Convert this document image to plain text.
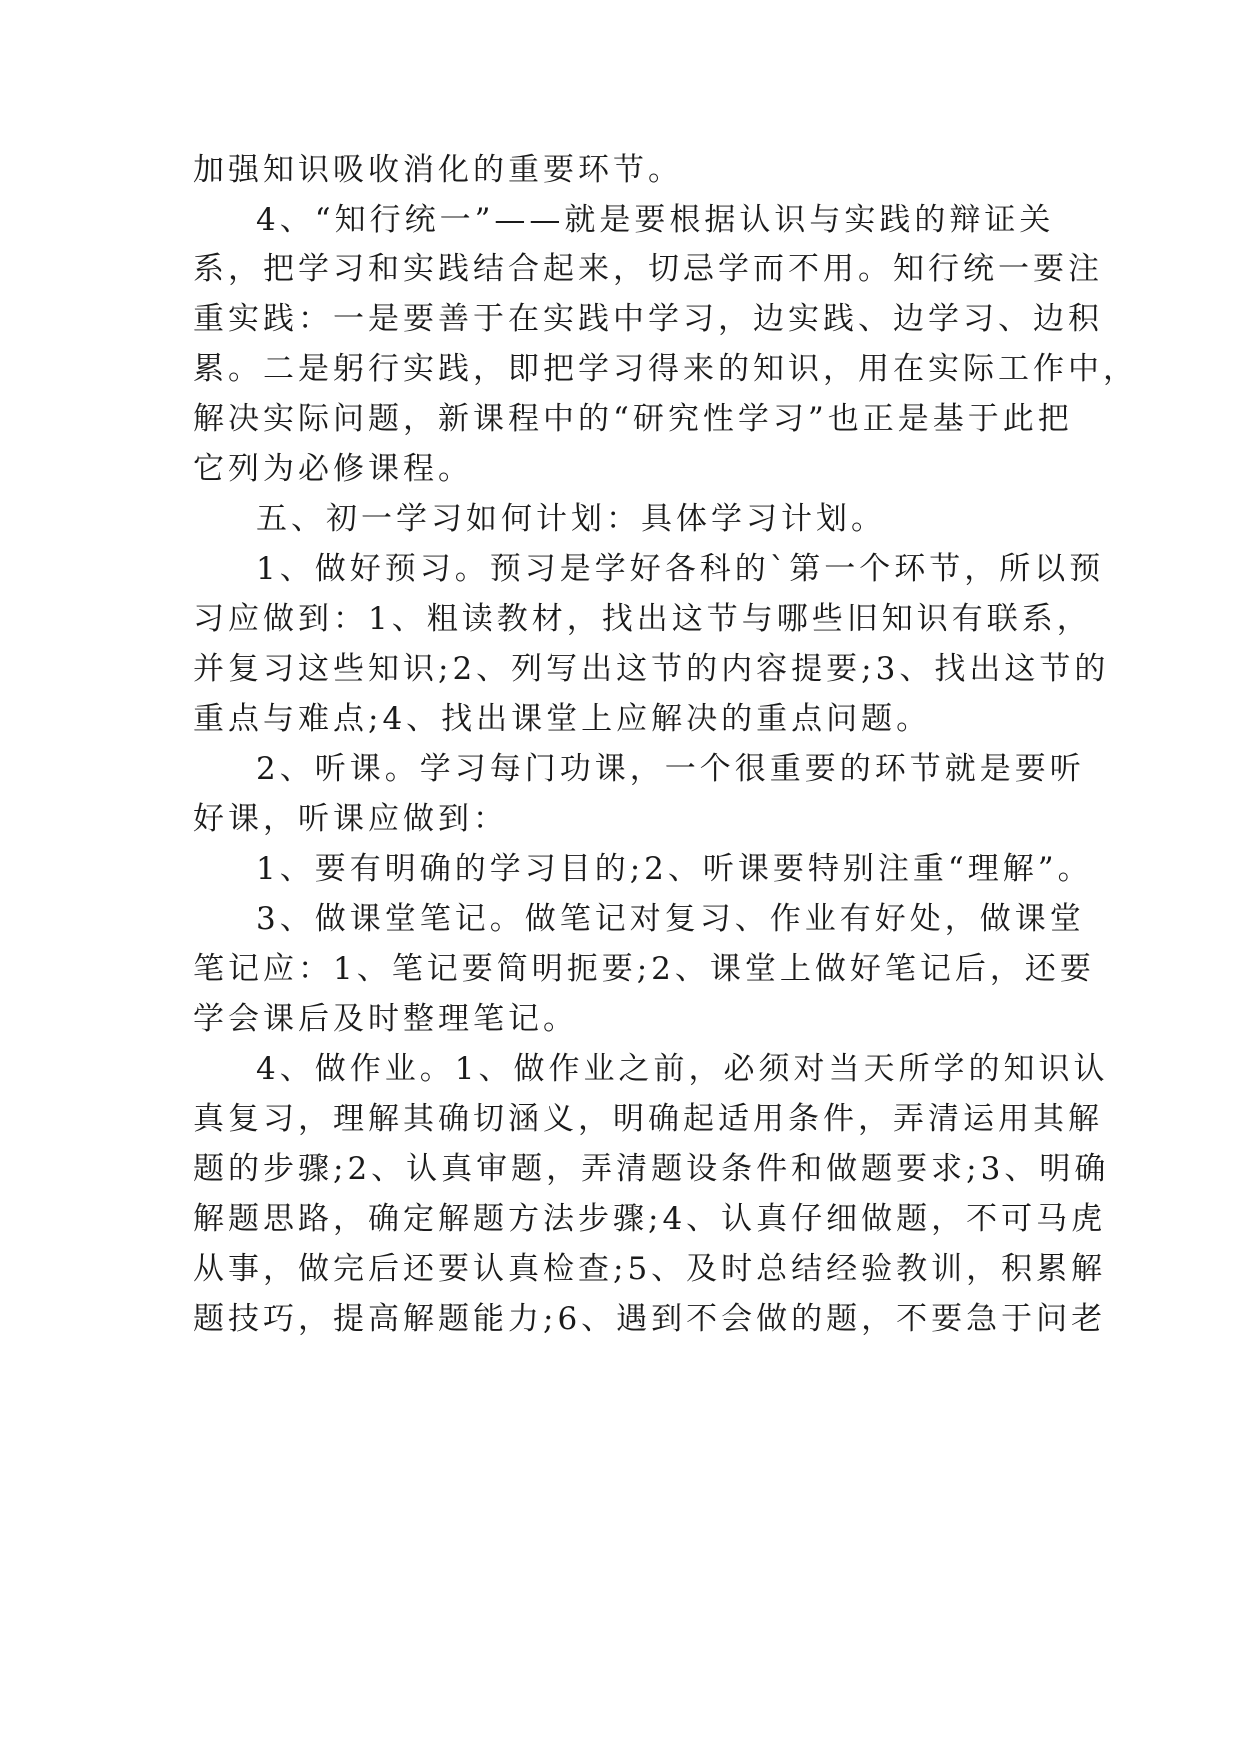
加强知识吸收消化的重要环节。
4、“知行统一”——就是要根据认识与实践的辩证关
系，把学习和实践结合起来，切忌学而不用。知行统一要注
重实践：一是要善于在实践中学习，边实践、边学习、边积
累。二是躬行实践，即把学习得来的知识，用在实际工作中，
解决实际问题，新课程中的“研究性学习”也正是基于此把
它列为必修课程。
五、初一学习如何计划：具体学习计划。
1、做好预习。预习是学好各科的`第一个环节，所以预
习应做到：1、粗读教材，找出这节与哪些旧知识有联系，
并复习这些知识;2、列写出这节的内容提要;3、找出这节的
重点与难点;4、找出课堂上应解决的重点问题。
2、听课。学习每门功课，一个很重要的环节就是要听
好课，听课应做到：
1、要有明确的学习目的;2、听课要特别注重“理解”。
3、做课堂笔记。做笔记对复习、作业有好处，做课堂
笔记应：1、笔记要简明扼要;2、课堂上做好笔记后，还要
学会课后及时整理笔记。
4、做作业。1、做作业之前，必须对当天所学的知识认
真复习，理解其确切涵义，明确起适用条件，弄清运用其解
题的步骤;2、认真审题，弄清题设条件和做题要求;3、明确
解题思路，确定解题方法步骤;4、认真仔细做题，不可马虎
从事，做完后还要认真检查;5、及时总结经验教训，积累解
题技巧，提高解题能力;6、遇到不会做的题，不要急于问老
